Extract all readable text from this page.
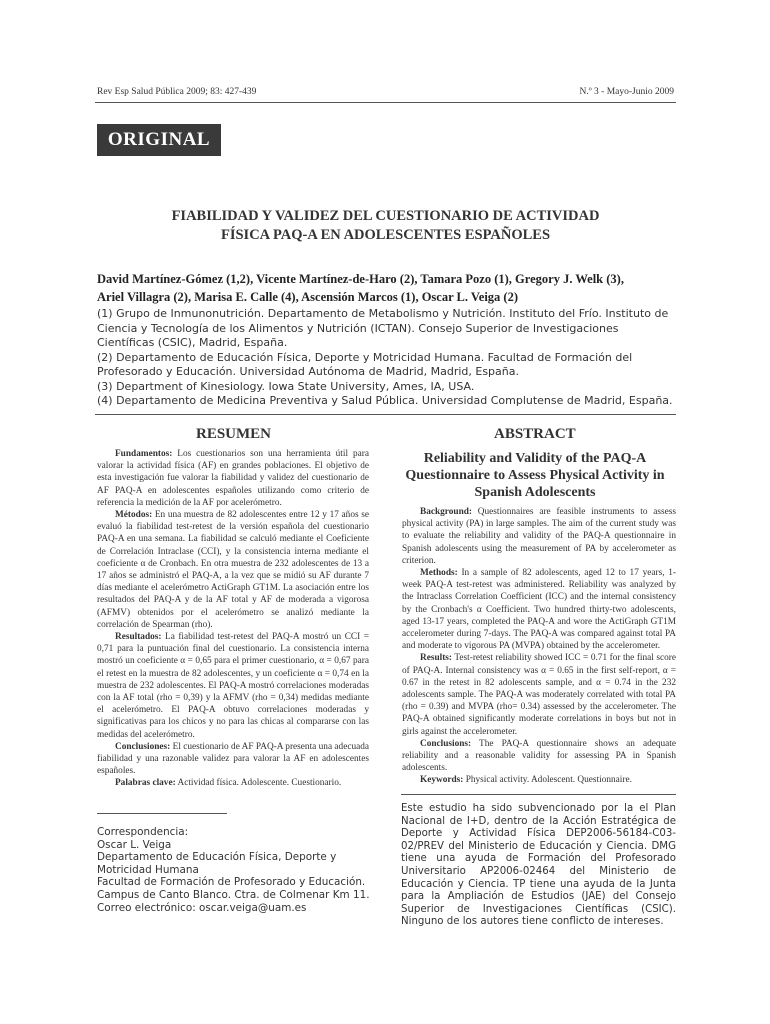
Rev Esp Salud Pública 2009; 83: 427-439	N.º 3 - Mayo-Junio 2009
ORIGINAL
FIABILIDAD Y VALIDEZ DEL CUESTIONARIO DE ACTIVIDAD
FÍSICA PAQ-A EN ADOLESCENTES ESPAÑOLES
David Martínez-Gómez (1,2), Vicente Martínez-de-Haro (2), Tamara Pozo (1), Gregory J. Welk (3),
Ariel Villagra (2), Marisa E. Calle (4), Ascensión Marcos (1), Oscar L. Veiga (2)

(1) Grupo de Inmunonutrición. Departamento de Metabolismo y Nutrición. Instituto del Frío. Instituto de Ciencia y Tecnología de los Alimentos y Nutrición (ICTAN). Consejo Superior de Investigaciones Científicas (CSIC), Madrid, España.

(2) Departamento de Educación Física, Deporte y Motricidad Humana. Facultad de Formación del Profesorado y Educación. Universidad Autónoma de Madrid, Madrid, España.

(3) Department of Kinesiology. Iowa State University, Ames, IA, USA.

(4) Departamento de Medicina Preventiva y Salud Pública. Universidad Complutense de Madrid, España.

RESUMEN

Fundamentos: Los cuestionarios son una herramienta útil para valorar la actividad física (AF) en grandes poblaciones. El objetivo de esta investigación fue valorar la fiabilidad y validez del cuestionario de AF PAQ-A en adolescentes españoles utilizando como criterio de referencia la medición de la AF por acelerómetro.

Métodos: En una muestra de 82 adolescentes entre 12 y 17 años se evaluó la fiabilidad test-retest de la versión española del cuestionario PAQ-A en una semana. La fiabilidad se calculó mediante el Coeficiente de Correlación Intraclase (CCI), y la consistencia interna mediante el coeficiente α de Cronbach. En otra muestra de 232 adolescentes de 13 a 17 años se administró el PAQ-A, a la vez que se midió su AF durante 7 días mediante el acelerómetro ActiGraph GT1M. La asociación entre los resultados del PAQ-A y de la AF total y AF de moderada a vigorosa (AFMV) obtenidos por el acelerómetro se analizó mediante la correlación de Spearman (rho).

Resultados: La fiabilidad test-retest del PAQ-A mostró un CCI = 0,71 para la puntuación final del cuestionario. La consistencia interna mostró un coeficiente α = 0,65 para el primer cuestionario, α = 0,67 para el retest en la muestra de 82 adolescentes, y un coeficiente α = 0,74 en la muestra de 232 adolescentes. El PAQ-A mostró correlaciones moderadas con la AF total (rho = 0,39) y la AFMV (rho = 0,34) medidas mediante el acelerómetro. El PAQ-A obtuvo correlaciones moderadas y significativas para los chicos y no para las chicas al compararse con las medidas del acelerómetro.

Conclusiones: El cuestionario de AF PAQ-A presenta una adecuada fiabilidad y una razonable validez para valorar la AF en adolescentes españoles.

Palabras clave: Actividad física. Adolescente. Cuestionario.

ABSTRACT
Reliability and Validity of the PAQ-A Questionnaire to Assess Physical Activity in Spanish Adolescents

Background: Questionnaires are feasible instruments to assess physical activity (PA) in large samples. The aim of the current study was to evaluate the reliability and validity of the PAQ-A questionnaire in Spanish adolescents using the measurement of PA by accelerometer as criterion.

Methods: In a sample of 82 adolescents, aged 12 to 17 years, 1-week PAQ-A test-retest was administered. Reliability was analyzed by the Intraclass Correlation Coefficient (ICC) and the internal consistency by the Cronbach's α Coefficient. Two hundred thirty-two adolescents, aged 13-17 years, completed the PAQ-A and wore the ActiGraph GT1M accelerometer during 7-days. The PAQ-A was compared against total PA and moderate to vigorous PA (MVPA) obtained by the accelerometer.

Results: Test-retest reliability showed ICC = 0.71 for the final score of PAQ-A. Internal consistency was α = 0.65 in the first self-report, α = 0.67 in the retest in 82 adolescents sample, and α = 0.74 in the 232 adolescents sample. The PAQ-A was moderately correlated with total PA (rho = 0.39) and MVPA (rho= 0.34) assessed by the accelerometer. The PAQ-A obtained significantly moderate correlations in boys but not in girls against the accelerometer.

Conclusions: The PAQ-A questionnaire shows an adequate reliability and a reasonable validity for assessing PA in Spanish adolescents.

Keywords: Physical activity. Adolescent. Questionnaire.

Correspondencia:

Oscar L. Veiga

Departamento de Educación Física, Deporte y Motricidad Humana

Facultad de Formación de Profesorado y Educación.

Campus de Canto Blanco. Ctra. de Colmenar Km 11.

Correo electrónico: oscar.veiga@uam.es

Este estudio ha sido subvencionado por la el Plan Nacional de I+D, dentro de la Acción Estratégica de Deporte y Actividad Física DEP2006-56184-C03-02/PREV del Ministerio de Educación y Ciencia. DMG tiene una ayuda de Formación del Profesorado Universitario AP2006-02464 del Ministerio de Educación y Ciencia. TP tiene una ayuda de la Junta para la Ampliación de Estudios (JAE) del Consejo Superior de Investigaciones Científicas (CSIC). Ninguno de los autores tiene conflicto de intereses.
